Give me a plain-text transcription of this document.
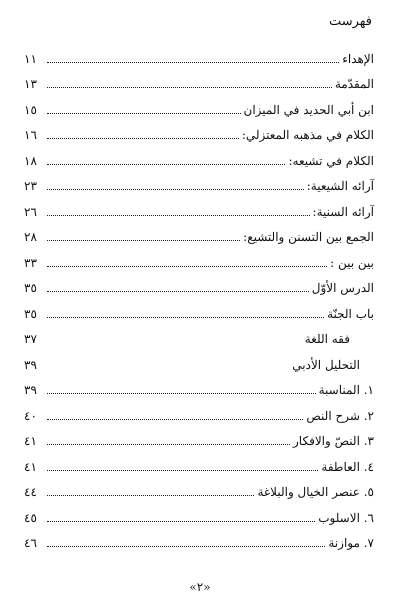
فهرست
١١	الإهداء
١٣	المقدّمة
١٥	ابن أبي الحديد في الميزان
١٦	الكلام في مذهبه المعتزلي:
١٨	الكلام في تشيعه:
٢٣	آرائه الشيعية:
٢٦	آرائه السنية:
٢٨	الجمع بين التسنن والتشيع:
٣٣	بين بين :
٣٥	الدرس الأوّل
٣٥	باب الجنّة
٣٧	فقه اللغة
٣٩	التحليل الأدبي
٣٩	١. المناسبة
٤٠	٢. شرح النص
٤١	٣. النصّ والافكار
٤١	٤. العاطفة
٤٤	٥. عنصر الخيال والبلاغة
٤٥	٦. الاسلوب
٤٦	٧. موازنة
«٢»
